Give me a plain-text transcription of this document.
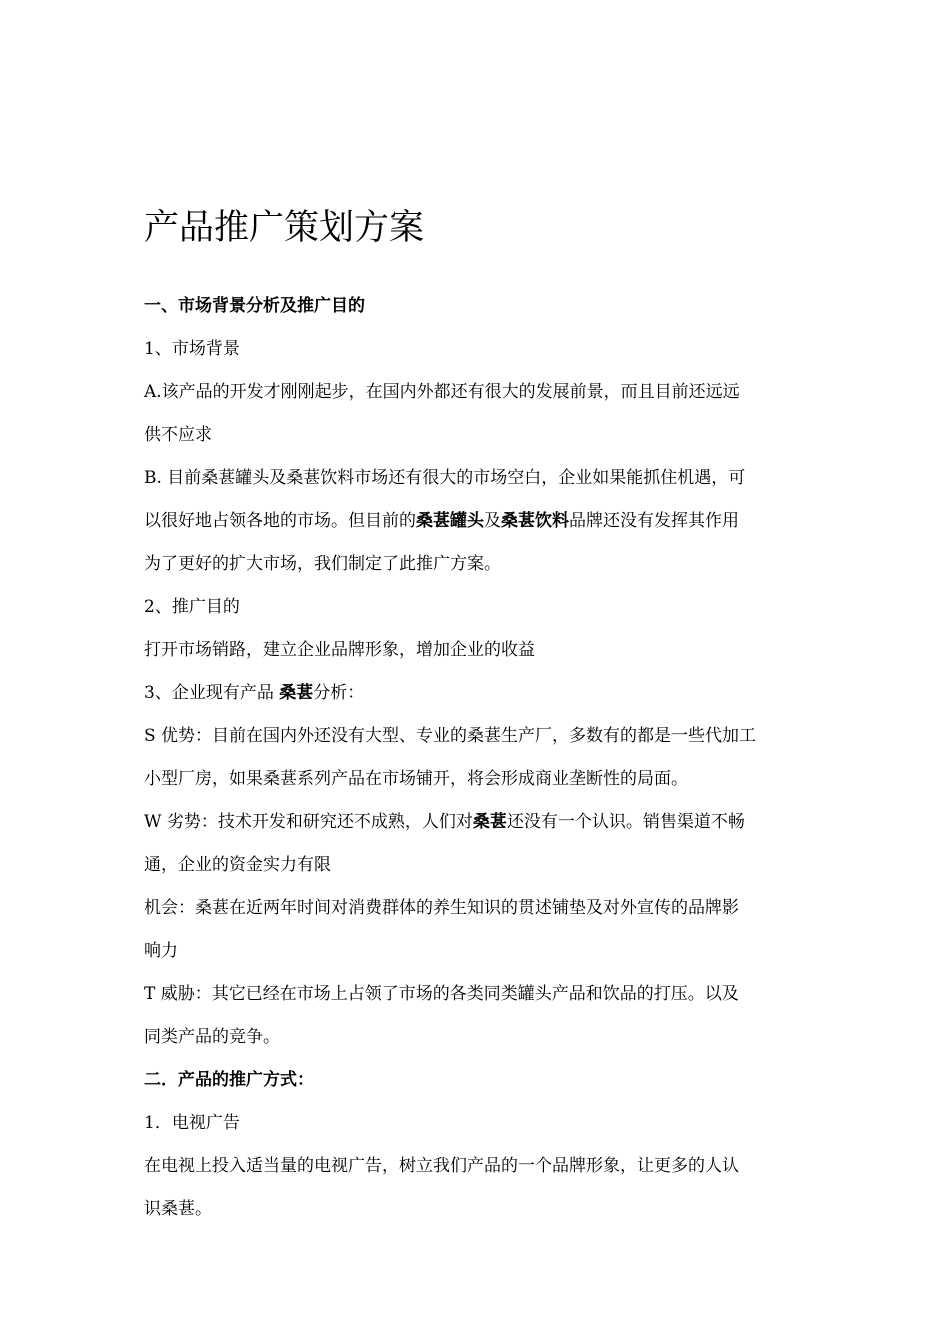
产品推广策划方案
一、市场背景分析及推广目的
1、市场背景

A.该产品的开发才刚刚起步，在国内外都还有很大的发展前景，而且目前还远远

供不应求

B. 目前桑葚罐头及桑葚饮料市场还有很大的市场空白，企业如果能抓住机遇，可

以很好地占领各地的市场。但目前的桑葚罐头及桑葚饮料品牌还没有发挥其作用

为了更好的扩大市场，我们制定了此推广方案。

2、推广目的
打开市场销路，建立企业品牌形象，增加企业的收益
3、企业现有产品 桑葚分析：

S 优势：目前在国内外还没有大型、专业的桑葚生产厂，多数有的都是一些代加工

小型厂房，如果桑葚系列产品在市场铺开，将会形成商业垄断性的局面。

W 劣势：技术开发和研究还不成熟，人们对桑葚还没有一个认识。销售渠道不畅

通，企业的资金实力有限

机会：桑葚在近两年时间对消费群体的养生知识的贯述铺垫及对外宣传的品牌影

响力

T 威胁：其它已经在市场上占领了市场的各类同类罐头产品和饮品的打压。以及

同类产品的竞争。

二．产品的推广方式：
1．电视广告

在电视上投入适当量的电视广告，树立我们产品的一个品牌形象，让更多的人认

识桑葚。
